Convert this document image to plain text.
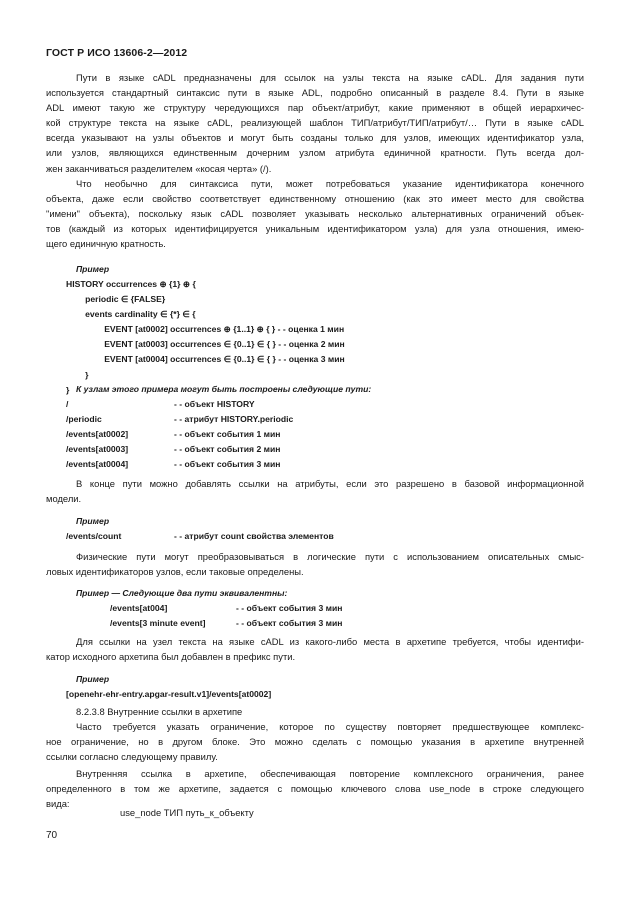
ГОСТ Р ИСО 13606-2—2012
Пути в языке cADL предназначены для ссылок на узлы текста на языке cADL. Для задания пути
используется стандартный синтаксис пути в языке ADL, подробно описанный в разделе 8.4. Пути в языке
ADL имеют такую же структуру чередующихся пар объект/атрибут, какие применяют в общей иерархичес-
кой структуре текста на языке cADL, реализующей шаблон ТИП/атрибут/ТИП/атрибут/… Пути в языке cADL
всегда указывают на узлы объектов и могут быть созданы только для узлов, имеющих идентификатор узла,
или узлов, являющихся единственным дочерним узлом атрибута единичной кратности. Путь всегда дол-
жен заканчиваться разделителем «косая черта» (/).
Что необычно для синтаксиса пути, может потребоваться указание идентификатора конечного
объекта, даже если свойство соответствует единственному отношению (как это имеет место для свойства
"имени" объекта), поскольку язык cADL позволяет указывать несколько альтернативных ограничений объек-
тов (каждый из которых идентифицируется уникальным идентификатором узла) для узла отношения, имею-
щего единичную кратность.
Пример
HISTORY occurrences ⊕ {1} ⊕ {
periodic ∈ {FALSE}
events cardinality ∈ {*} ∈ {
EVENT [at0002] occurrences ⊕ {1..1} ⊕ { } - - оценка 1 мин
EVENT [at0003] occurrences ∈ {0..1} ∈ { } - - оценка 2 мин
EVENT [at0004] occurrences ∈ {0..1} ∈ { } - - оценка 3 мин
}
} К узлам этого примера могут быть построены следующие пути:
/	- - объект HISTORY
/periodic	- - атрибут HISTORY.periodic
/events[at0002]	- - объект события 1 мин
/events[at0003]	- - объект события 2 мин
/events[at0004]	- - объект события 3 мин
В конце пути можно добавлять ссылки на атрибуты, если это разрешено в базовой информационной
модели.
Пример
/events/count	- - атрибут count свойства элементов
Физические пути могут преобразовываться в логические пути с использованием описательных смыс-
ловых идентификаторов узлов, если таковые определены.
Пример — Следующие два пути эквивалентны:
/events[at004]	- - объект события 3 мин
/events[3 minute event]	- - объект события 3 мин
Для ссылки на узел текста на языке cADL из какого-либо места в архетипе требуется, чтобы идентифи-
катор исходного архетипа был добавлен в префикс пути.
Пример
[openehr-ehr-entry.apgar-result.v1]/events[at0002]
8.2.3.8 Внутренние ссылки в архетипе
Часто требуется указать ограничение, которое по существу повторяет предшествующее комплекс-
ное ограничение, но в другом блоке. Это можно сделать с помощью указания в архетипе внутренней
ссылки согласно следующему правилу.
Внутренняя ссылка в архетипе, обеспечивающая повторение комплексного ограничения, ранее
определенного в том же архетипе, задается с помощью ключевого слова use_node в строке следующего
вида:
use_node ТИП путь_к_объекту
70
